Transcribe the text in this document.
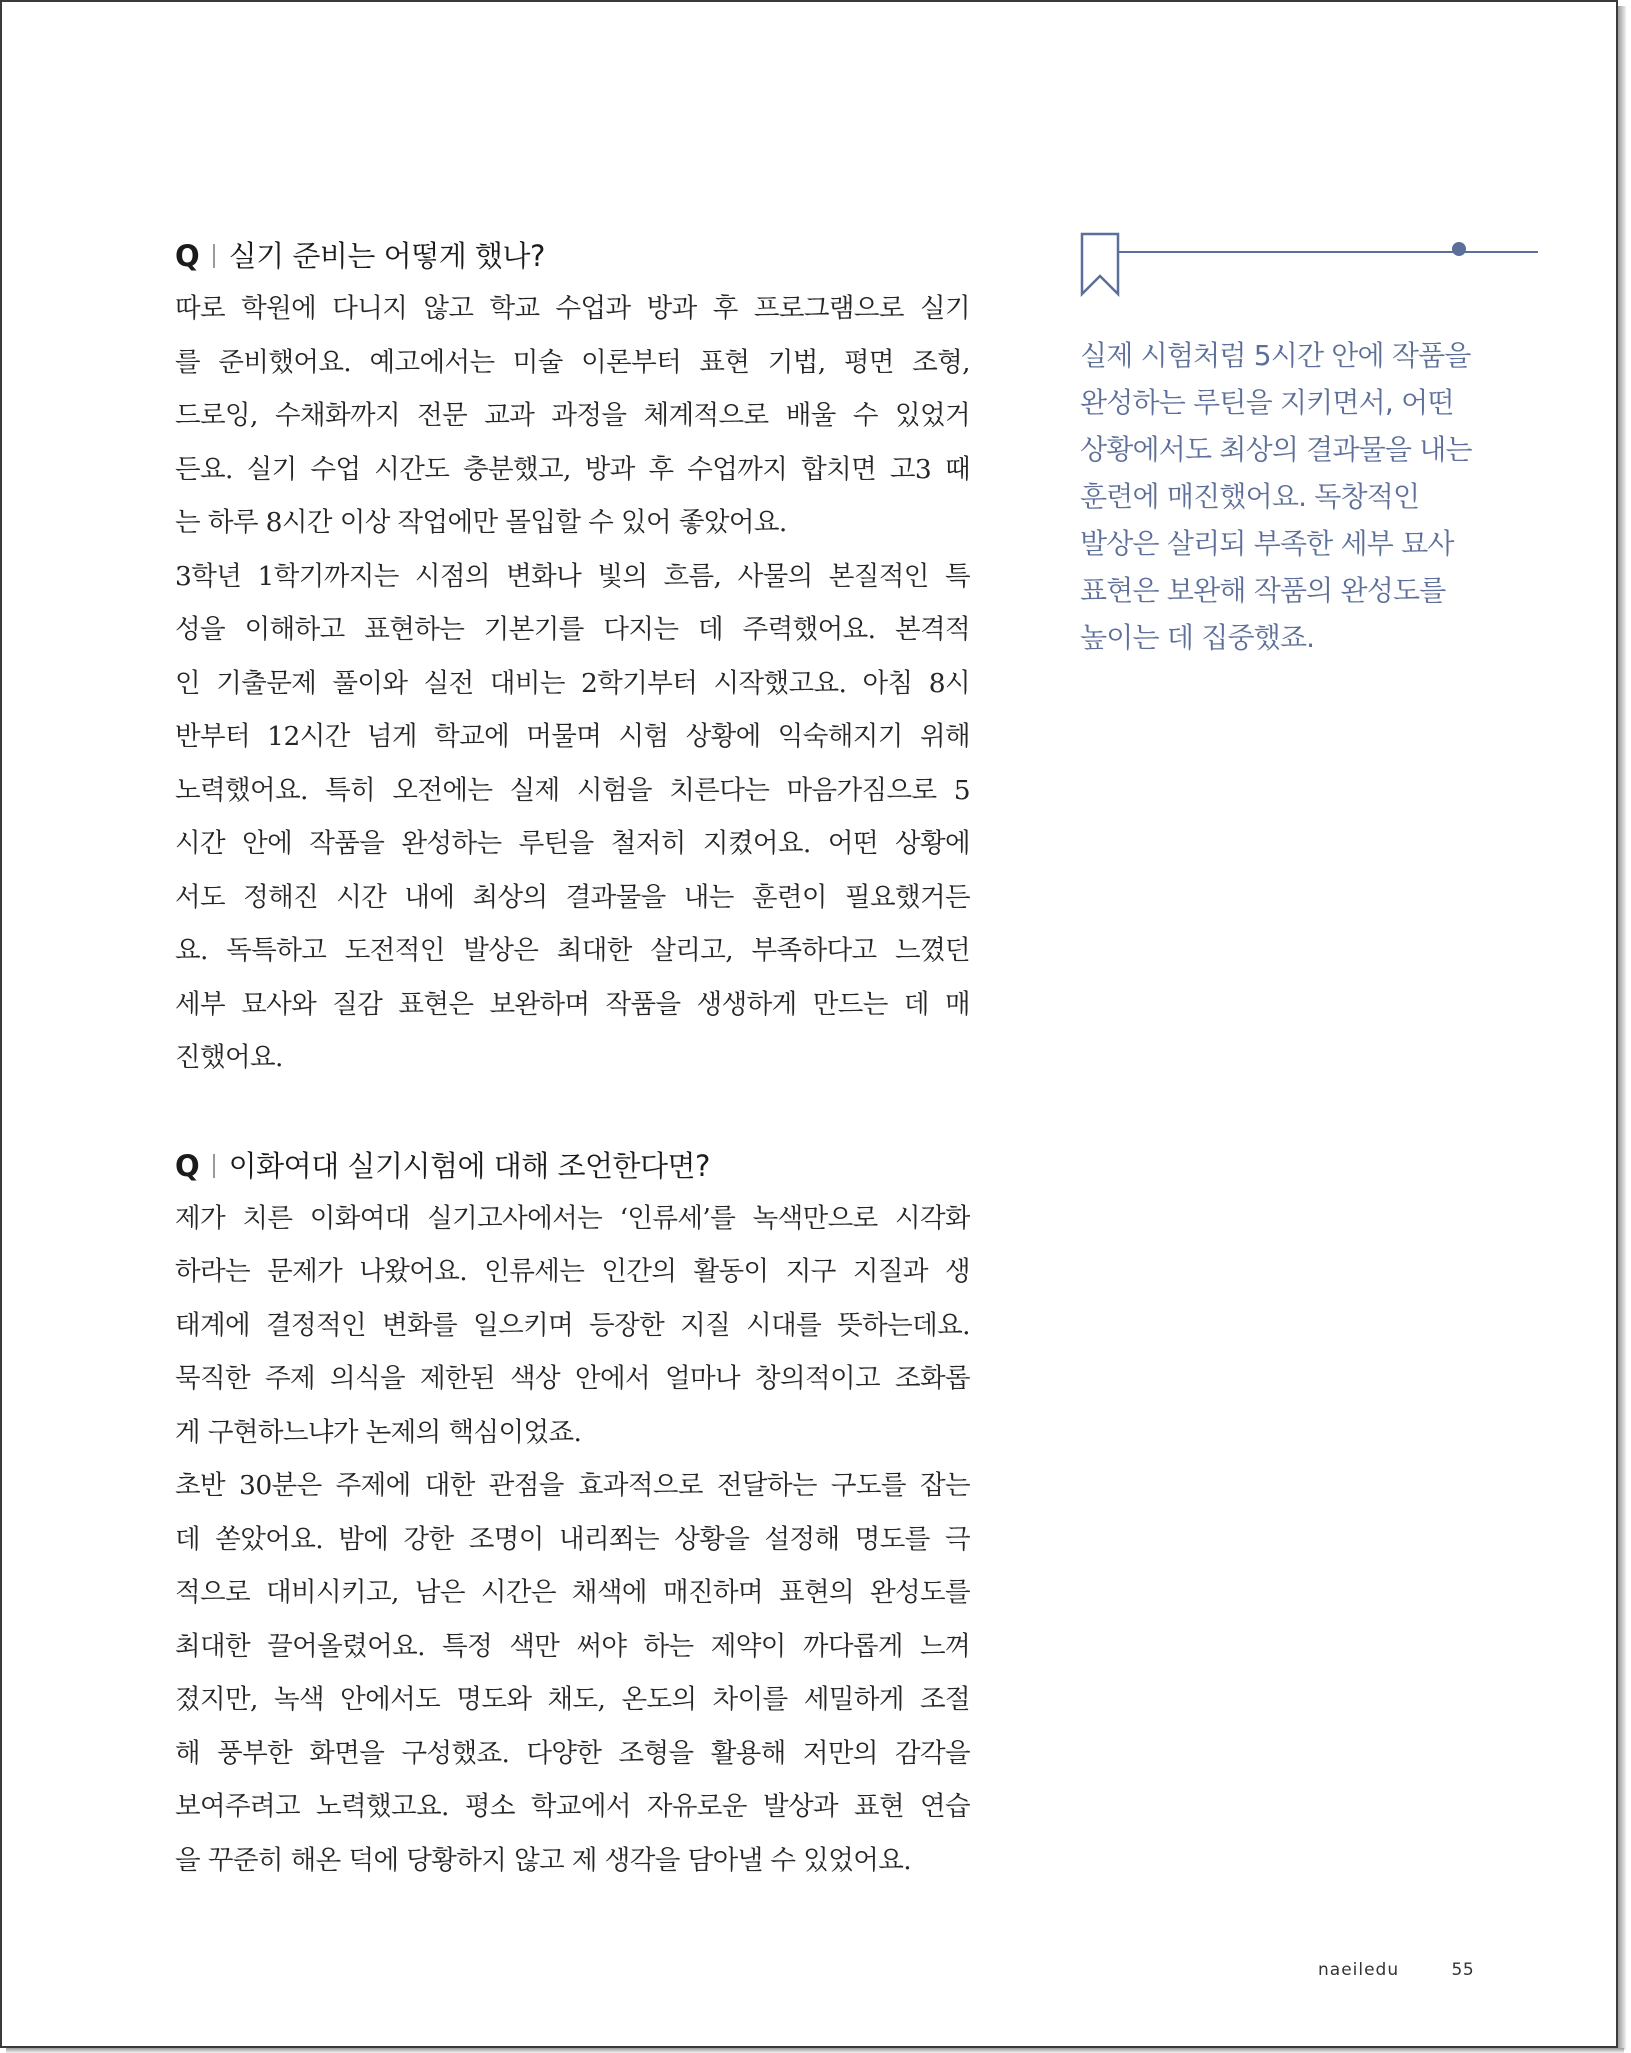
Q 실기 준비는 어떻게 했나?
따로 학원에 다니지 않고 학교 수업과 방과 후 프로그램으로 실기
를 준비했어요. 예고에서는 미술 이론부터 표현 기법, 평면 조형,
드로잉, 수채화까지 전문 교과 과정을 체계적으로 배울 수 있었거
든요. 실기 수업 시간도 충분했고, 방과 후 수업까지 합치면 고3 때
는 하루 8시간 이상 작업에만 몰입할 수 있어 좋았어요.
3학년 1학기까지는 시점의 변화나 빛의 흐름, 사물의 본질적인 특
성을 이해하고 표현하는 기본기를 다지는 데 주력했어요. 본격적
인 기출문제 풀이와 실전 대비는 2학기부터 시작했고요. 아침 8시
반부터 12시간 넘게 학교에 머물며 시험 상황에 익숙해지기 위해
노력했어요. 특히 오전에는 실제 시험을 치른다는 마음가짐으로 5
시간 안에 작품을 완성하는 루틴을 철저히 지켰어요. 어떤 상황에
서도 정해진 시간 내에 최상의 결과물을 내는 훈련이 필요했거든
요. 독특하고 도전적인 발상은 최대한 살리고, 부족하다고 느꼈던
세부 묘사와 질감 표현은 보완하며 작품을 생생하게 만드는 데 매
진했어요.
Q 이화여대 실기시험에 대해 조언한다면?
제가 치른 이화여대 실기고사에서는 ‘인류세’를 녹색만으로 시각화
하라는 문제가 나왔어요. 인류세는 인간의 활동이 지구 지질과 생
태계에 결정적인 변화를 일으키며 등장한 지질 시대를 뜻하는데요.
묵직한 주제 의식을 제한된 색상 안에서 얼마나 창의적이고 조화롭
게 구현하느냐가 논제의 핵심이었죠.
초반 30분은 주제에 대한 관점을 효과적으로 전달하는 구도를 잡는
데 쏟았어요. 밤에 강한 조명이 내리쬐는 상황을 설정해 명도를 극
적으로 대비시키고, 남은 시간은 채색에 매진하며 표현의 완성도를
최대한 끌어올렸어요. 특정 색만 써야 하는 제약이 까다롭게 느껴
졌지만, 녹색 안에서도 명도와 채도, 온도의 차이를 세밀하게 조절
해 풍부한 화면을 구성했죠. 다양한 조형을 활용해 저만의 감각을
보여주려고 노력했고요. 평소 학교에서 자유로운 발상과 표현 연습
을 꾸준히 해온 덕에 당황하지 않고 제 생각을 담아낼 수 있었어요.
실제 시험처럼 5시간 안에 작품을
완성하는 루틴을 지키면서, 어떤
상황에서도 최상의 결과물을 내는
훈련에 매진했어요. 독창적인
발상은 살리되 부족한 세부 묘사
표현은 보완해 작품의 완성도를
높이는 데 집중했죠.
naeiledu	55
